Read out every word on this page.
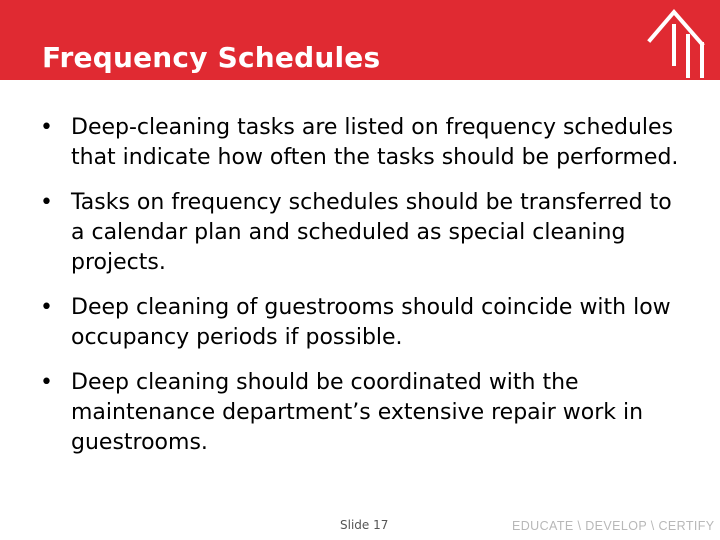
Frequency Schedules
• Deep-cleaning tasks are listed on frequency schedules that indicate how often the tasks should be performed.
• Tasks on frequency schedules should be transferred to a calendar plan and scheduled as special cleaning projects.
• Deep cleaning of guestrooms should coincide with low occupancy periods if possible.
• Deep cleaning should be coordinated with the maintenance department’s extensive repair work in guestrooms.
Slide 17	EDUCATE \ DEVELOP \ CERTIFY
